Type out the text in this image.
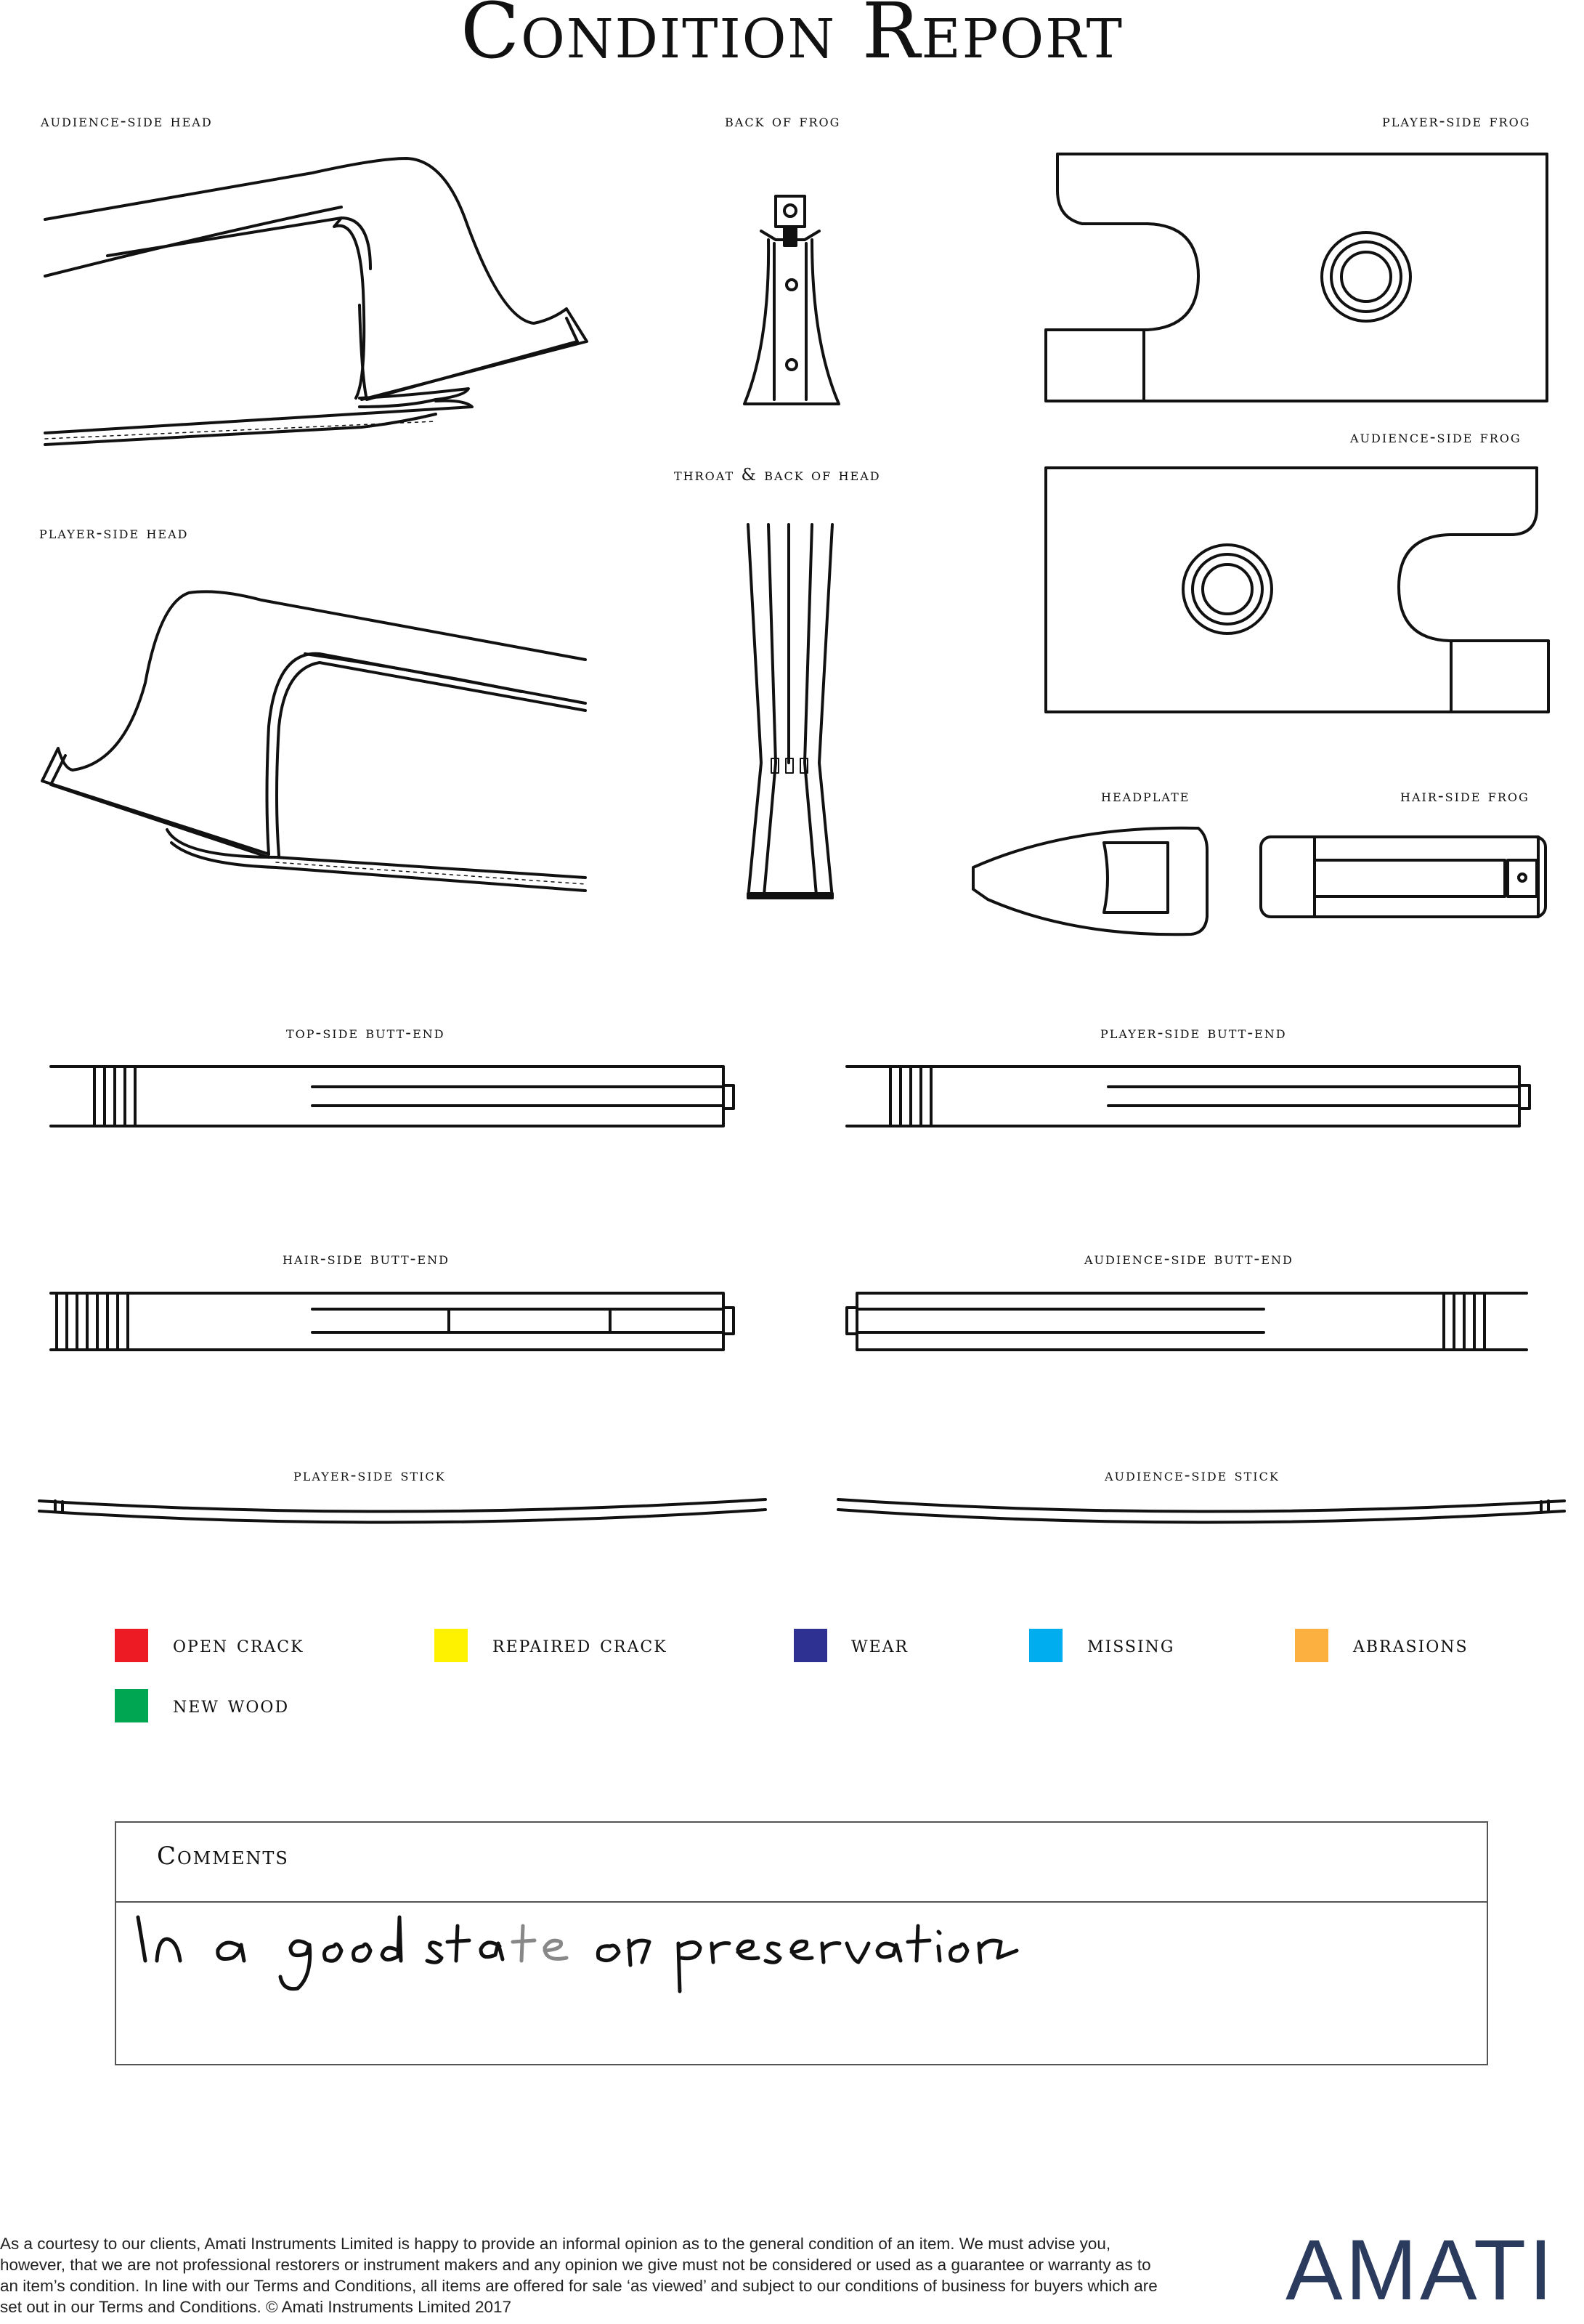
Condition Report
audience-side head	back of frog	player-side frog
throat & back of head
audience-side frog
player-side head
headplate	hair-side frog
top-side butt-end	player-side butt-end
hair-side butt-end	audience-side butt-end
player-side stick	audience-side stick
open crack	repaired crack	wear	missing	abrasions
new wood
Comments
As a courtesy to our clients, Amati Instruments Limited is happy to provide an informal opinion as to the general condition of an item. We must advise you, however, that we are not professional restorers or instrument makers and any opinion we give must not be considered or used as a guarantee or warranty as to an item’s condition. In line with our Terms and Conditions, all items are offered for sale ‘as viewed’ and subject to our conditions of business for buyers which are set out in our Terms and Conditions. © Amati Instruments Limited 2017	AMATI
